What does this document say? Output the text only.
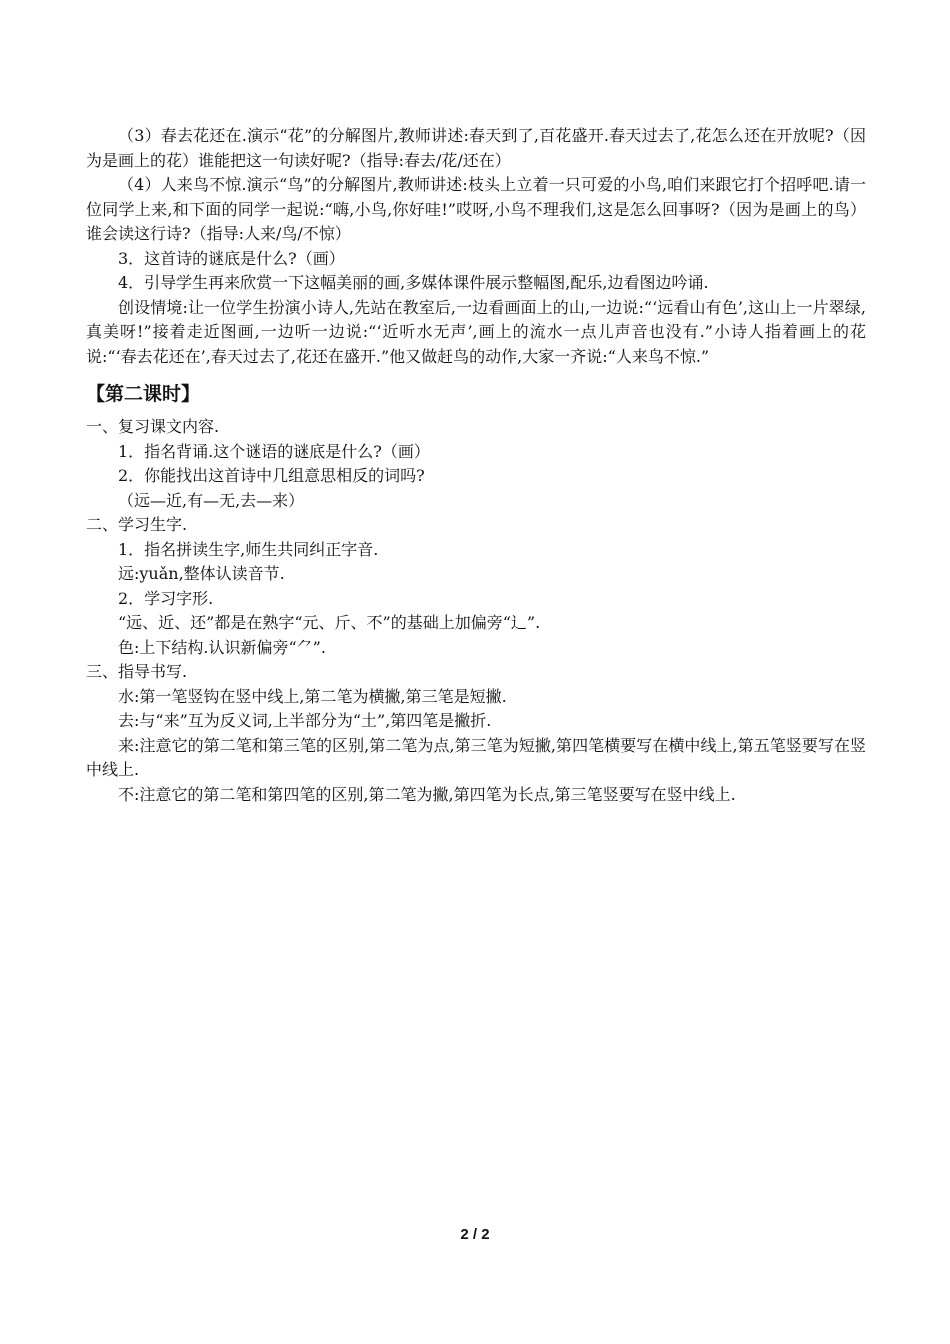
（3）春去花还在.演示“花”的分解图片,教师讲述:春天到了,百花盛开.春天过去了,花怎么还在开放呢?（因为是画上的花）谁能把这一句读好呢?（指导:春去/花/还在）

（4）人来鸟不惊.演示“鸟”的分解图片,教师讲述:枝头上立着一只可爱的小鸟,咱们来跟它打个招呼吧.请一位同学上来,和下面的同学一起说:“嗨,小鸟,你好哇!”哎呀,小鸟不理我们,这是怎么回事呀?（因为是画上的鸟）谁会读这行诗?（指导:人来/鸟/不惊）

3．这首诗的谜底是什么?（画）

4．引导学生再来欣赏一下这幅美丽的画,多媒体课件展示整幅图,配乐,边看图边吟诵.

创设情境:让一位学生扮演小诗人,先站在教室后,一边看画面上的山,一边说:“‘远看山有色’,这山上一片翠绿,真美呀!”接着走近图画,一边听一边说:“‘近听水无声’,画上的流水一点儿声音也没有.”小诗人指着画上的花说:“‘春去花还在’,春天过去了,花还在盛开.”他又做赶鸟的动作,大家一齐说:“人来鸟不惊.”

【第二课时】

一、复习课文内容.

1．指名背诵.这个谜语的谜底是什么?（画）

2．你能找出这首诗中几组意思相反的词吗?

（远—近,有—无,去—来）

二、学习生字.

1．指名拼读生字,师生共同纠正字音.

远:yuǎn,整体认读音节.

2．学习字形.

“远、近、还”都是在熟字“元、斤、不”的基础上加偏旁“辶”.

色:上下结构.认识新偏旁“⺈”.

三、指导书写.

水:第一笔竖钩在竖中线上,第二笔为横撇,第三笔是短撇.

去:与“来”互为反义词,上半部分为“土”,第四笔是撇折.

来:注意它的第二笔和第三笔的区别,第二笔为点,第三笔为短撇,第四笔横要写在横中线上,第五笔竖要写在竖中线上.

不:注意它的第二笔和第四笔的区别,第二笔为撇,第四笔为长点,第三笔竖要写在竖中线上.

2 / 2
